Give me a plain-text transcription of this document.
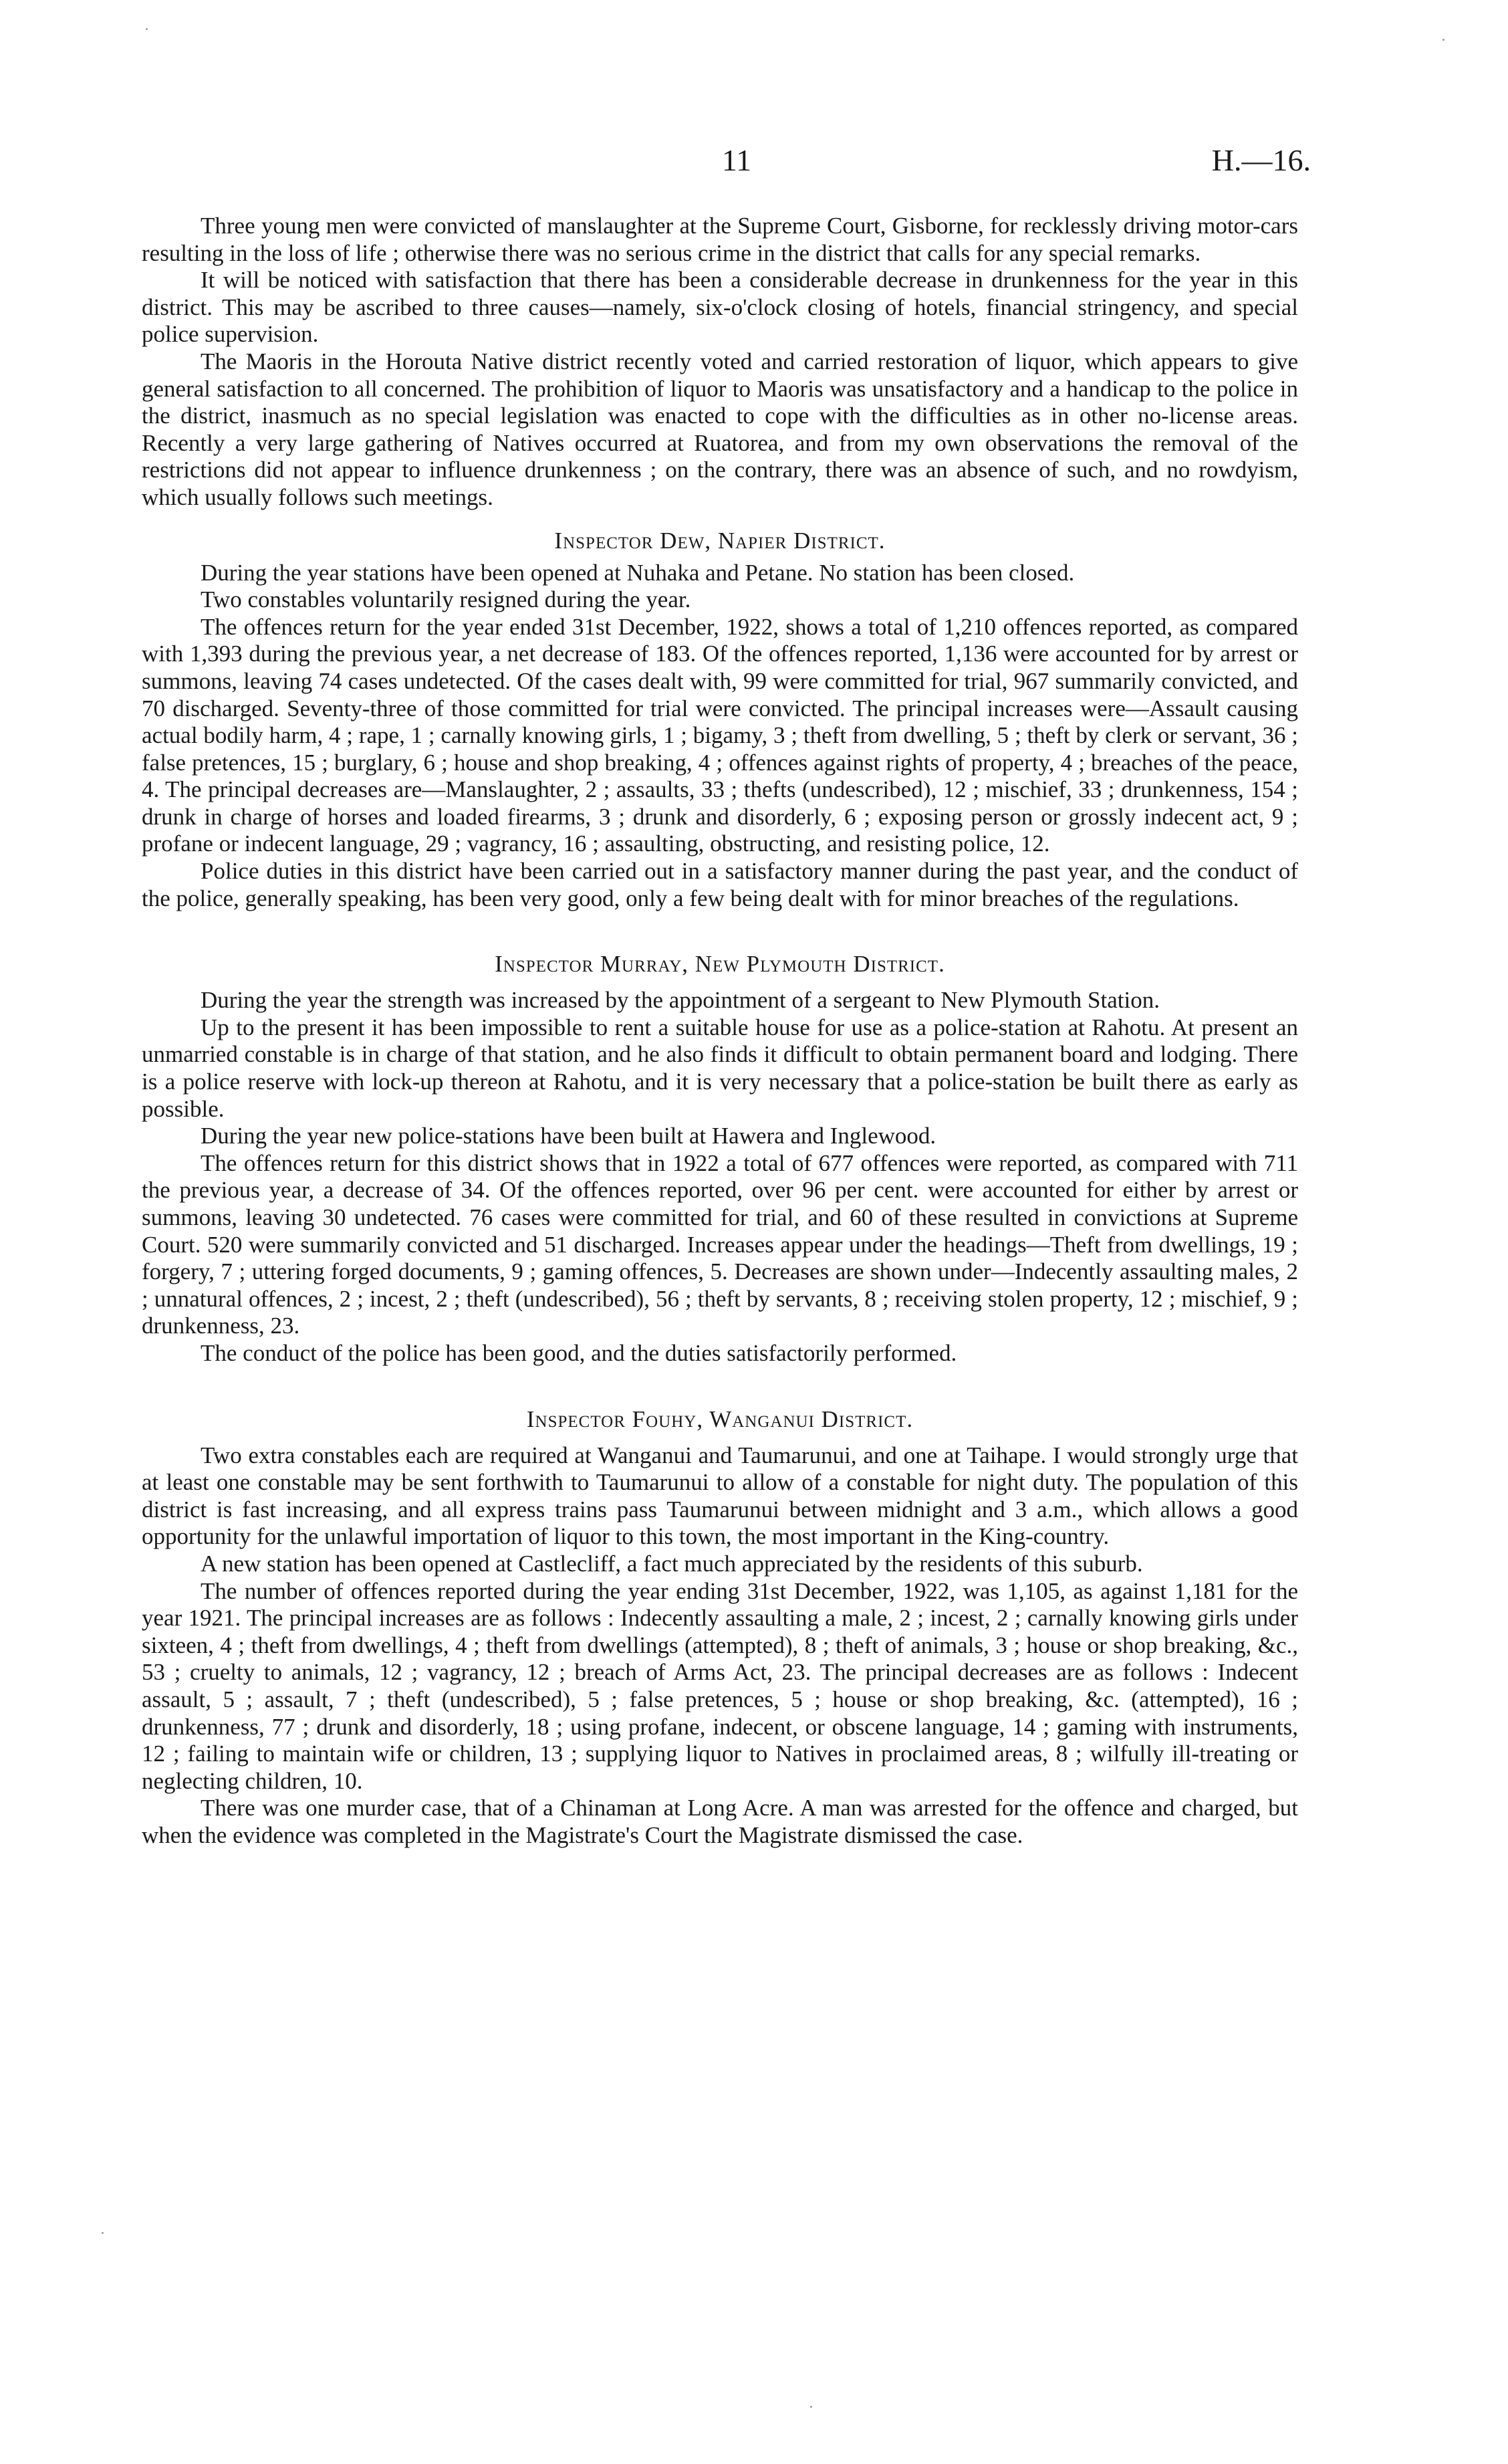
11	H.—16.

Three young men were convicted of manslaughter at the Supreme Court, Gisborne, for recklessly driving motor-cars resulting in the loss of life ; otherwise there was no serious crime in the district that calls for any special remarks.

It will be noticed with satisfaction that there has been a considerable decrease in drunkenness for the year in this district. This may be ascribed to three causes—namely, six-o'clock closing of hotels, financial stringency, and special police supervision.

The Maoris in the Horouta Native district recently voted and carried restoration of liquor, which appears to give general satisfaction to all concerned. The prohibition of liquor to Maoris was unsatisfactory and a handicap to the police in the district, inasmuch as no special legislation was enacted to cope with the difficulties as in other no-license areas. Recently a very large gathering of Natives occurred at Ruatorea, and from my own observations the removal of the restrictions did not appear to influence drunkenness ; on the contrary, there was an absence of such, and no rowdyism, which usually follows such meetings.

Inspector Dew, Napier District.

During the year stations have been opened at Nuhaka and Petane. No station has been closed.

Two constables voluntarily resigned during the year.

The offences return for the year ended 31st December, 1922, shows a total of 1,210 offences reported, as compared with 1,393 during the previous year, a net decrease of 183. Of the offences reported, 1,136 were accounted for by arrest or summons, leaving 74 cases undetected. Of the cases dealt with, 99 were committed for trial, 967 summarily convicted, and 70 discharged. Seventy-three of those committed for trial were convicted. The principal increases were—Assault causing actual bodily harm, 4 ; rape, 1 ; carnally knowing girls, 1 ; bigamy, 3 ; theft from dwelling, 5 ; theft by clerk or servant, 36 ; false pretences, 15 ; burglary, 6 ; house and shop breaking, 4 ; offences against rights of property, 4 ; breaches of the peace, 4. The principal decreases are—Manslaughter, 2 ; assaults, 33 ; thefts (undescribed), 12 ; mischief, 33 ; drunkenness, 154 ; drunk in charge of horses and loaded firearms, 3 ; drunk and disorderly, 6 ; exposing person or grossly indecent act, 9 ; profane or indecent language, 29 ; vagrancy, 16 ; assaulting, obstructing, and resisting police, 12.

Police duties in this district have been carried out in a satisfactory manner during the past year, and the conduct of the police, generally speaking, has been very good, only a few being dealt with for minor breaches of the regulations.

Inspector Murray, New Plymouth District.

During the year the strength was increased by the appointment of a sergeant to New Plymouth Station.

Up to the present it has been impossible to rent a suitable house for use as a police-station at Rahotu. At present an unmarried constable is in charge of that station, and he also finds it difficult to obtain permanent board and lodging. There is a police reserve with lock-up thereon at Rahotu, and it is very necessary that a police-station be built there as early as possible.

During the year new police-stations have been built at Hawera and Inglewood.

The offences return for this district shows that in 1922 a total of 677 offences were reported, as compared with 711 the previous year, a decrease of 34. Of the offences reported, over 96 per cent. were accounted for either by arrest or summons, leaving 30 undetected. 76 cases were committed for trial, and 60 of these resulted in convictions at Supreme Court. 520 were summarily convicted and 51 discharged. Increases appear under the headings—Theft from dwellings, 19 ; forgery, 7 ; uttering forged documents, 9 ; gaming offences, 5. Decreases are shown under—Indecently assaulting males, 2 ; unnatural offences, 2 ; incest, 2 ; theft (undescribed), 56 ; theft by servants, 8 ; receiving stolen property, 12 ; mischief, 9 ; drunkenness, 23.

The conduct of the police has been good, and the duties satisfactorily performed.

Inspector Fouhy, Wanganui District.

Two extra constables each are required at Wanganui and Taumarunui, and one at Taihape. I would strongly urge that at least one constable may be sent forthwith to Taumarunui to allow of a constable for night duty. The population of this district is fast increasing, and all express trains pass Taumarunui between midnight and 3 a.m., which allows a good opportunity for the unlawful importation of liquor to this town, the most important in the King-country.

A new station has been opened at Castlecliff, a fact much appreciated by the residents of this suburb.

The number of offences reported during the year ending 31st December, 1922, was 1,105, as against 1,181 for the year 1921. The principal increases are as follows : Indecently assaulting a male, 2 ; incest, 2 ; carnally knowing girls under sixteen, 4 ; theft from dwellings, 4 ; theft from dwellings (attempted), 8 ; theft of animals, 3 ; house or shop breaking, &c., 53 ; cruelty to animals, 12 ; vagrancy, 12 ; breach of Arms Act, 23. The principal decreases are as follows : Indecent assault, 5 ; assault, 7 ; theft (undescribed), 5 ; false pretences, 5 ; house or shop breaking, &c. (attempted), 16 ; drunkenness, 77 ; drunk and disorderly, 18 ; using profane, indecent, or obscene language, 14 ; gaming with instruments, 12 ; failing to maintain wife or children, 13 ; supplying liquor to Natives in proclaimed areas, 8 ; wilfully ill-treating or neglecting children, 10.

There was one murder case, that of a Chinaman at Long Acre. A man was arrested for the offence and charged, but when the evidence was completed in the Magistrate's Court the Magistrate dismissed the case.
